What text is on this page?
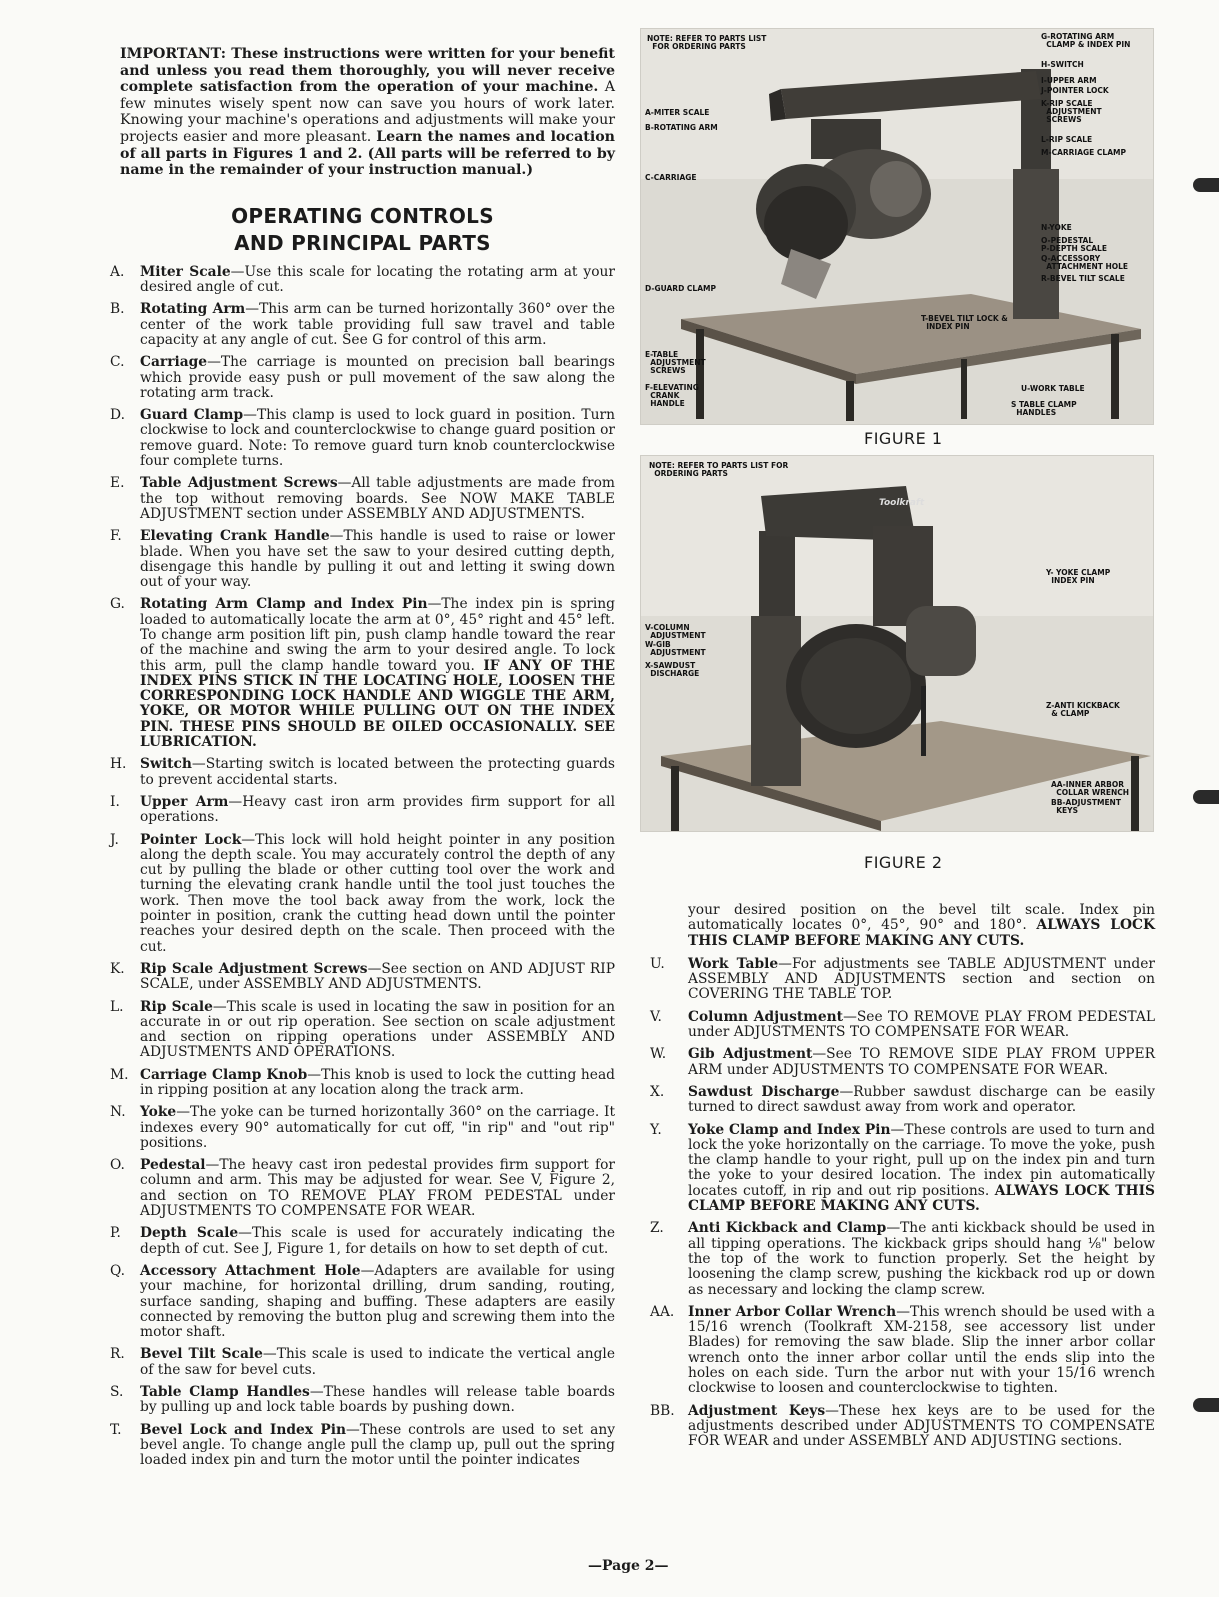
IMPORTANT: These instructions were written for your benefit and unless you read them thoroughly, you will never receive complete satisfaction from the operation of your machine. A few minutes wisely spent now can save you hours of work later. Knowing your machine's operations and adjustments will make your projects easier and more pleasant. Learn the names and location of all parts in Figures 1 and 2. (All parts will be referred to by name in the remainder of your instruction manual.)

OPERATING CONTROLS
AND PRINCIPAL PARTS
A.	Miter Scale—Use this scale for locating the rotating arm at your desired angle of cut.
B.	Rotating Arm—This arm can be turned horizontally 360° over the center of the work table providing full saw travel and table capacity at any angle of cut. See G for control of this arm.
C.	Carriage—The carriage is mounted on precision ball bearings which provide easy push or pull movement of the saw along the rotating arm track.
D.	Guard Clamp—This clamp is used to lock guard in position. Turn clockwise to lock and counterclockwise to change guard position or remove guard. Note: To remove guard turn knob counterclockwise four complete turns.
E.	Table Adjustment Screws—All table adjustments are made from the top without removing boards. See NOW MAKE TABLE ADJUSTMENT section under ASSEMBLY AND ADJUSTMENTS.
F.	Elevating Crank Handle—This handle is used to raise or lower blade. When you have set the saw to your desired cutting depth, disengage this handle by pulling it out and letting it swing down out of your way.
G.	Rotating Arm Clamp and Index Pin—The index pin is spring loaded to automatically locate the arm at 0°, 45° right and 45° left. To change arm position lift pin, push clamp handle toward the rear of the machine and swing the arm to your desired angle. To lock this arm, pull the clamp handle toward you. IF ANY OF THE INDEX PINS STICK IN THE LOCATING HOLE, LOOSEN THE CORRESPONDING LOCK HANDLE AND WIGGLE THE ARM, YOKE, OR MOTOR WHILE PULLING OUT ON THE INDEX PIN. THESE PINS SHOULD BE OILED OCCASIONALLY. SEE LUBRICATION.
H. Switch—Starting switch is located between the protecting guards to prevent accidental starts.
I.	Upper Arm—Heavy cast iron arm provides firm support for all operations.
J.	Pointer Lock—This lock will hold height pointer in any position along the depth scale. You may accurately control the depth of any cut by pulling the blade or other cutting tool over the work and turning the elevating crank handle until the tool just touches the work. Then move the tool back away from the work, lock the pointer in position, crank the cutting head down until the pointer reaches your desired depth on the scale. Then proceed with the cut.
K.	Rip Scale Adjustment Screws—See section on AND ADJUST RIP SCALE, under ASSEMBLY AND ADJUSTMENTS.
L.	Rip Scale—This scale is used in locating the saw in position for an accurate in or out rip operation. See section on scale adjustment and section on ripping operations under ASSEMBLY AND ADJUSTMENTS AND OPERATIONS.
M. Carriage Clamp Knob—This knob is used to lock the cutting head in ripping position at any location along the track arm.
N.	Yoke—The yoke can be turned horizontally 360° on the carriage. It indexes every 90° automatically for cut off, "in rip" and "out rip" positions.
O.	Pedestal—The heavy cast iron pedestal provides firm support for column and arm. This may be adjusted for wear. See V, Figure 2, and section on TO REMOVE PLAY FROM PEDESTAL under ADJUSTMENTS TO COMPENSATE FOR WEAR.
P.	Depth Scale—This scale is used for accurately indicating the depth of cut. See J, Figure 1, for details on how to set depth of cut.
Q.	Accessory Attachment Hole—Adapters are available for using your machine, for horizontal drilling, drum sanding, routing, surface sanding, shaping and buffing. These adapters are easily connected by removing the button plug and screwing them into the motor shaft.
R.	Bevel Tilt Scale—This scale is used to indicate the vertical angle of the saw for bevel cuts.
S.	Table Clamp Handles—These handles will release table boards by pulling up and lock table boards by pushing down.
T.	Bevel Lock and Index Pin—These controls are used to set any bevel angle. To change angle pull the clamp up, pull out the spring loaded index pin and turn the motor until the pointer indicates
NOTE: REFER TO PARTS LIST
FOR ORDERING PARTS
A-MITER SCALE
B-ROTATING ARM
C-CARRIAGE
D-GUARD CLAMP
E-TABLE
ADJUSTMENT
SCREWS
F-ELEVATING
CRANK
HANDLE
G-ROTATING ARM
CLAMP & INDEX PIN
H-SWITCH
I-UPPER ARM
J-POINTER LOCK
K-RIP SCALE
ADJUSTMENT
SCREWS
L-RIP SCALE
M-CARRIAGE CLAMP
N-YOKE
O-PEDESTAL
P-DEPTH SCALE
Q-ACCESSORY
ATTACHMENT HOLE
R-BEVEL TILT SCALE
U-WORK TABLE
S TABLE CLAMP
HANDLES
T-BEVEL TILT LOCK &
INDEX PIN
FIGURE 1
NOTE: REFER TO PARTS LIST FOR
ORDERING PARTS
Toolkraft
V-COLUMN
ADJUSTMENT
W-GIB
ADJUSTMENT
X-SAWDUST
DISCHARGE
Y- YOKE CLAMP
INDEX PIN
Z-ANTI KICKBACK
& CLAMP
AA-INNER ARBOR
COLLAR WRENCH
BB-ADJUSTMENT
KEYS
FIGURE 2

your desired position on the bevel tilt scale. Index pin automatically locates 0°, 45°, 90° and 180°. ALWAYS LOCK THIS CLAMP BEFORE MAKING ANY CUTS.

U.	Work Table—For adjustments see TABLE ADJUSTMENT under ASSEMBLY AND ADJUSTMENTS section and section on COVERING THE TABLE TOP.
V.	Column Adjustment—See TO REMOVE PLAY FROM PEDESTAL under ADJUSTMENTS TO COMPENSATE FOR WEAR.
W.	Gib Adjustment—See TO REMOVE SIDE PLAY FROM UPPER ARM under ADJUSTMENTS TO COMPENSATE FOR WEAR.
X.	Sawdust Discharge—Rubber sawdust discharge can be easily turned to direct sawdust away from work and operator.
Y.	Yoke Clamp and Index Pin—These controls are used to turn and lock the yoke horizontally on the carriage. To move the yoke, push the clamp handle to your right, pull up on the index pin and turn the yoke to your desired location. The index pin automatically locates cutoff, in rip and out rip positions. ALWAYS LOCK THIS CLAMP BEFORE MAKING ANY CUTS.
Z.	Anti Kickback and Clamp—The anti kickback should be used in all tipping operations. The kickback grips should hang ⅛" below the top of the work to function properly. Set the height by loosening the clamp screw, pushing the kickback rod up or down as necessary and locking the clamp screw.
AA. Inner Arbor Collar Wrench—This wrench should be used with a 15/16 wrench (Toolkraft XM-2158, see accessory list under Blades) for removing the saw blade. Slip the inner arbor collar wrench onto the inner arbor collar until the ends slip into the holes on each side. Turn the arbor nut with your 15/16 wrench clockwise to loosen and counterclockwise to tighten.
BB. Adjustment Keys—These hex keys are to be used for the adjustments described under ADJUSTMENTS TO COMPENSATE FOR WEAR and under ASSEMBLY AND ADJUSTING sections.
—Page 2—
